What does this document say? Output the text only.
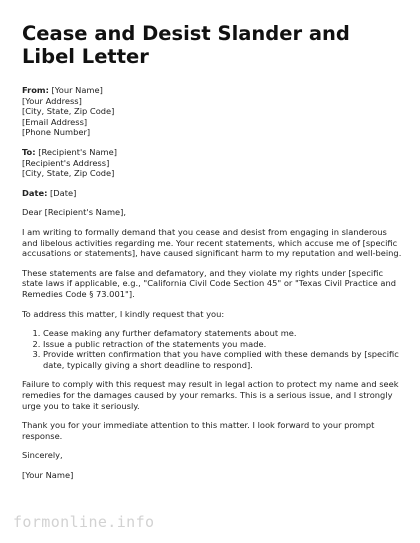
Cease and Desist Slander and Libel Letter
From: [Your Name]
[Your Address]
[City, State, Zip Code]
[Email Address]
[Phone Number]
To: [Recipient's Name]
[Recipient's Address]
[City, State, Zip Code]
Date: [Date]

Dear [Recipient's Name],

I am writing to formally demand that you cease and desist from engaging in slanderous and libelous activities regarding me. Your recent statements, which accuse me of [specific accusations or statements], have caused significant harm to my reputation and well-being.

These statements are false and defamatory, and they violate my rights under [specific state laws if applicable, e.g., "California Civil Code Section 45" or "Texas Civil Practice and Remedies Code § 73.001"].

To address this matter, I kindly request that you:

1. Cease making any further defamatory statements about me.
2. Issue a public retraction of the statements you made.
3. Provide written confirmation that you have complied with these demands by [specific date, typically giving a short deadline to respond].

Failure to comply with this request may result in legal action to protect my name and seek remedies for the damages caused by your remarks. This is a serious issue, and I strongly urge you to take it seriously.

Thank you for your immediate attention to this matter. I look forward to your prompt response.

Sincerely,

[Your Name]

formonline.info
